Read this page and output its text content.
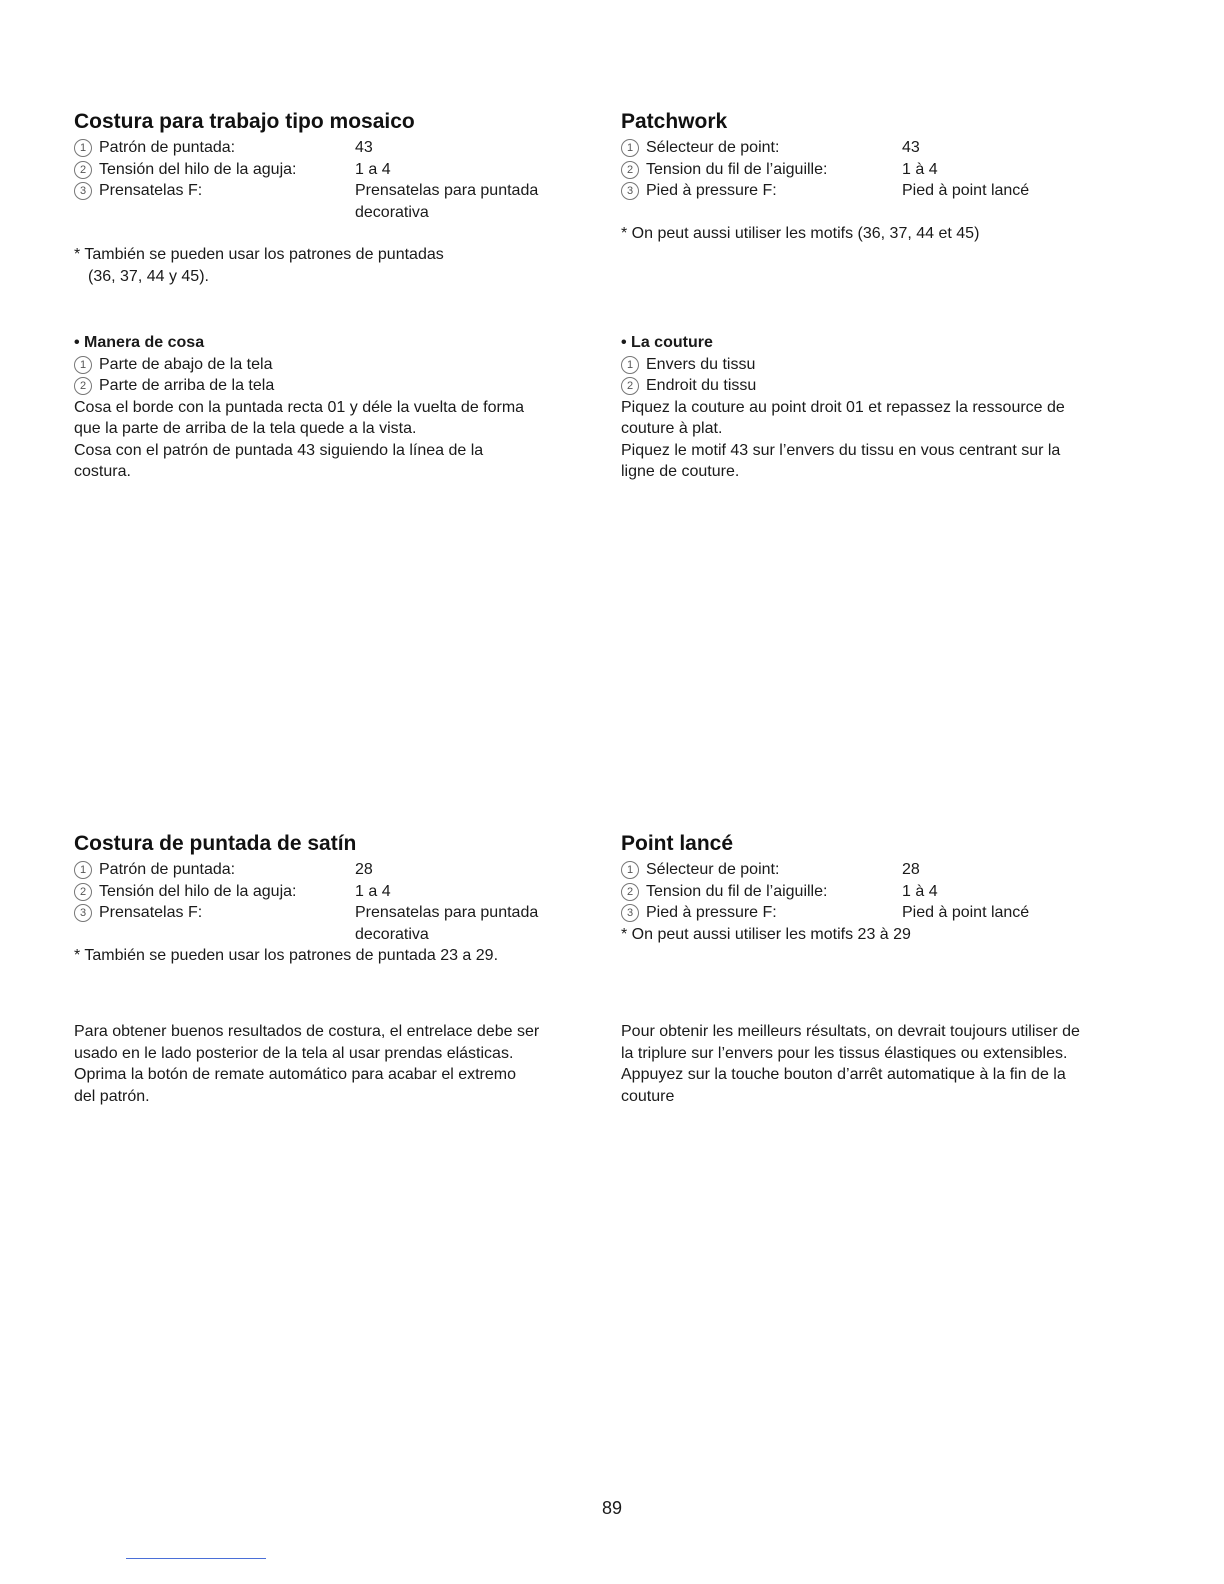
Costura para trabajo tipo mosaico
1 Patrón de puntada:	43
2 Tensión del hilo de la aguja:	1 a 4
3 Prensatelas F:	Prensatelas para puntada
decorativa

* También se pueden usar los patrones de puntadas

(36, 37, 44 y 45).

Patchwork
1 Sélecteur de point:	43
2 Tension du fil de l’aiguille:	1 à 4
3 Pied à pressure F:	Pied à point lancé

* On peut aussi utiliser les motifs (36, 37, 44 et 45)

• Manera de cosa
1 Parte de abajo de la tela
2 Parte de arriba de la tela

Cosa el borde con la puntada recta 01 y déle la vuelta de forma

que la parte de arriba de la tela quede a la vista.

Cosa con el patrón de puntada 43 siguiendo la línea de la

costura.

• La couture
1 Envers du tissu
2 Endroit du tissu

Piquez la couture au point droit 01 et repassez la ressource de

couture à plat.

Piquez le motif 43 sur l’envers du tissu en vous centrant sur la

ligne de couture.

Costura de puntada de satín
1 Patrón de puntada:	28
2 Tensión del hilo de la aguja:	1 a 4
3 Prensatelas F:	Prensatelas para puntada
decorativa

* También se pueden usar los patrones de puntada 23 a 29.

Point lancé
1 Sélecteur de point:	28
2 Tension du fil de l’aiguille:	1 à 4
3 Pied à pressure F:	Pied à point lancé

* On peut aussi utiliser les motifs 23 à 29

Para obtener buenos resultados de costura, el entrelace debe ser

usado en le lado posterior de la tela al usar prendas elásticas.

Oprima la botón de remate automático para acabar el extremo

del patrón.

Pour obtenir les meilleurs résultats, on devrait toujours utiliser de

la triplure sur l’envers pour les tissus élastiques ou extensibles.

Appuyez sur la touche bouton d’arrêt automatique à la fin de la

couture

89
